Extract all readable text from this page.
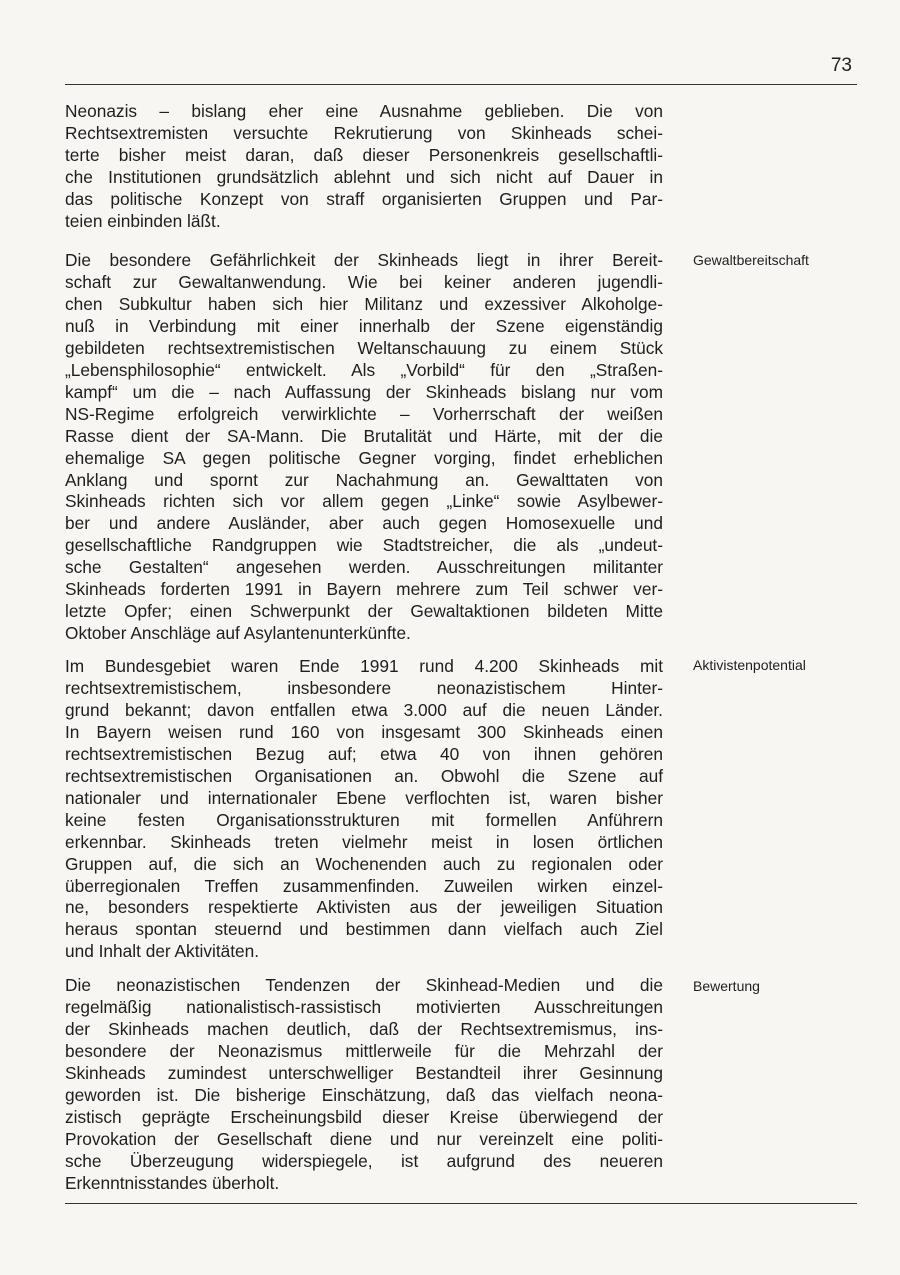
73
Neonazis – bislang eher eine Ausnahme geblieben. Die von
Rechtsextremisten versuchte Rekrutierung von Skinheads schei-
terte bisher meist daran, daß dieser Personenkreis gesellschaftli-
che Institutionen grundsätzlich ablehnt und sich nicht auf Dauer in
das politische Konzept von straff organisierten Gruppen und Par-
teien einbinden läßt.
Die besondere Gefährlichkeit der Skinheads liegt in ihrer Bereit-
schaft zur Gewaltanwendung. Wie bei keiner anderen jugendli-
chen Subkultur haben sich hier Militanz und exzessiver Alkoholge-
nuß in Verbindung mit einer innerhalb der Szene eigenständig
gebildeten rechtsextremistischen Weltanschauung zu einem Stück
„Lebensphilosophie“ entwickelt. Als „Vorbild“ für den „Straßen-
kampf“ um die – nach Auffassung der Skinheads bislang nur vom
NS-Regime erfolgreich verwirklichte – Vorherrschaft der weißen
Rasse dient der SA-Mann. Die Brutalität und Härte, mit der die
ehemalige SA gegen politische Gegner vorging, findet erheblichen
Anklang und spornt zur Nachahmung an. Gewalttaten von
Skinheads richten sich vor allem gegen „Linke“ sowie Asylbewer-
ber und andere Ausländer, aber auch gegen Homosexuelle und
gesellschaftliche Randgruppen wie Stadtstreicher, die als „undeut-
sche Gestalten“ angesehen werden. Ausschreitungen militanter
Skinheads forderten 1991 in Bayern mehrere zum Teil schwer ver-
letzte Opfer; einen Schwerpunkt der Gewaltaktionen bildeten Mitte
Oktober Anschläge auf Asylantenunterkünfte.
Gewaltbereitschaft
Im Bundesgebiet waren Ende 1991 rund 4.200 Skinheads mit
rechtsextremistischem, insbesondere neonazistischem Hinter-
grund bekannt; davon entfallen etwa 3.000 auf die neuen Länder.
In Bayern weisen rund 160 von insgesamt 300 Skinheads einen
rechtsextremistischen Bezug auf; etwa 40 von ihnen gehören
rechtsextremistischen Organisationen an. Obwohl die Szene auf
nationaler und internationaler Ebene verflochten ist, waren bisher
keine festen Organisationsstrukturen mit formellen Anführern
erkennbar. Skinheads treten vielmehr meist in losen örtlichen
Gruppen auf, die sich an Wochenenden auch zu regionalen oder
überregionalen Treffen zusammenfinden. Zuweilen wirken einzel-
ne, besonders respektierte Aktivisten aus der jeweiligen Situation
heraus spontan steuernd und bestimmen dann vielfach auch Ziel
und Inhalt der Aktivitäten.
Aktivistenpotential
Die neonazistischen Tendenzen der Skinhead-Medien und die
regelmäßig nationalistisch-rassistisch motivierten Ausschreitungen
der Skinheads machen deutlich, daß der Rechtsextremismus, ins-
besondere der Neonazismus mittlerweile für die Mehrzahl der
Skinheads zumindest unterschwelliger Bestandteil ihrer Gesinnung
geworden ist. Die bisherige Einschätzung, daß das vielfach neona-
zistisch geprägte Erscheinungsbild dieser Kreise überwiegend der
Provokation der Gesellschaft diene und nur vereinzelt eine politi-
sche Überzeugung widerspiegele, ist aufgrund des neueren
Erkenntnisstandes überholt.
Bewertung
